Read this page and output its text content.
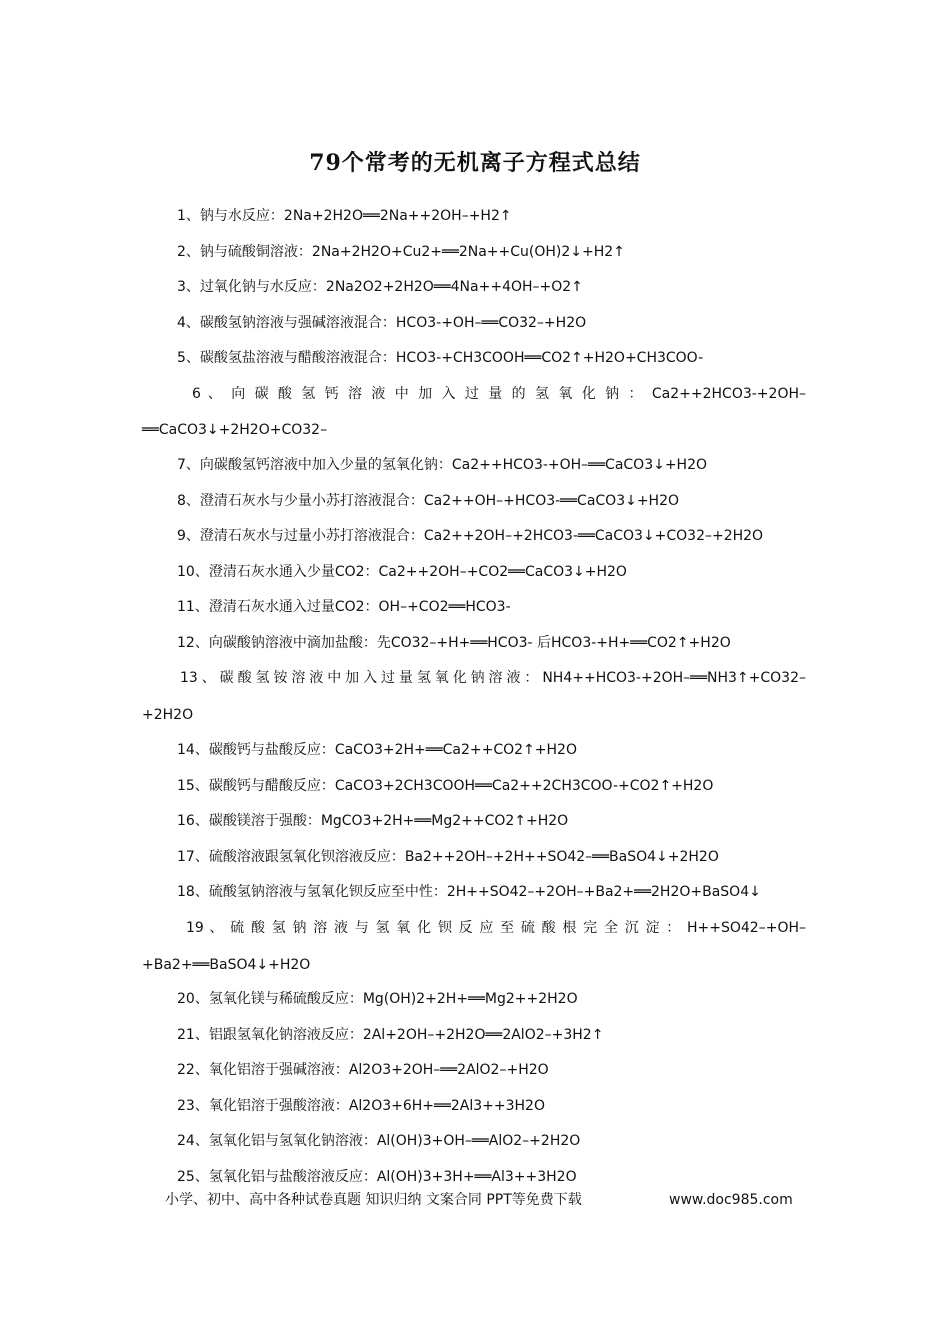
79个常考的无机离子方程式总结
1、钠与水反应：2Na+2H2O══2Na++2OH–+H2↑
2、钠与硫酸铜溶液：2Na+2H2O+Cu2+══2Na++Cu(OH)2↓+H2↑
3、过氧化钠与水反应：2Na2O2+2H2O══4Na++4OH–+O2↑
4、碳酸氢钠溶液与强碱溶液混合：HCO3-+OH–══CO32–+H2O
5、碳酸氢盐溶液与醋酸溶液混合：HCO3-+CH3COOH══CO2↑+H2O+CH3COO-
6 、 向 碳 酸 氢 钙 溶 液 中 加 入 过 量 的 氢 氧 化 钠 ： Ca2++2HCO3-+2OH–
══CaCO3↓+2H2O+CO32–
7、向碳酸氢钙溶液中加入少量的氢氧化钠：Ca2++HCO3-+OH–══CaCO3↓+H2O
8、澄清石灰水与少量小苏打溶液混合：Ca2++OH–+HCO3-══CaCO3↓+H2O
9、澄清石灰水与过量小苏打溶液混合：Ca2++2OH–+2HCO3-══CaCO3↓+CO32–+2H2O
10、澄清石灰水通入少量CO2：Ca2++2OH–+CO2══CaCO3↓+H2O
11、澄清石灰水通入过量CO2：OH–+CO2══HCO3-
12、向碳酸钠溶液中滴加盐酸：先CO32–+H+══HCO3- 后HCO3-+H+══CO2↑+H2O
13、碳酸氢铵溶液中加入过量氢氧化钠溶液：NH4++HCO3-+2OH–══NH3↑+CO32–
+2H2O
14、碳酸钙与盐酸反应：CaCO3+2H+══Ca2++CO2↑+H2O
15、碳酸钙与醋酸反应：CaCO3+2CH3COOH══Ca2++2CH3COO-+CO2↑+H2O
16、碳酸镁溶于强酸：MgCO3+2H+══Mg2++CO2↑+H2O
17、硫酸溶液跟氢氧化钡溶液反应：Ba2++2OH–+2H++SO42–══BaSO4↓+2H2O
18、硫酸氢钠溶液与氢氧化钡反应至中性：2H++SO42–+2OH–+Ba2+══2H2O+BaSO4↓
19 、 硫 酸 氢 钠 溶 液 与 氢 氧 化 钡 反 应 至 硫 酸 根 完 全 沉 淀 ： H++SO42–+OH–
+Ba2+══BaSO4↓+H2O
20、氢氧化镁与稀硫酸反应：Mg(OH)2+2H+══Mg2++2H2O
21、铝跟氢氧化钠溶液反应：2Al+2OH–+2H2O══2AlO2–+3H2↑
22、氧化铝溶于强碱溶液：Al2O3+2OH–══2AlO2–+H2O
23、氧化铝溶于强酸溶液：Al2O3+6H+══2Al3++3H2O
24、氢氧化铝与氢氧化钠溶液：Al(OH)3+OH–══AlO2–+2H2O
25、氢氧化铝与盐酸溶液反应：Al(OH)3+3H+══Al3++3H2O
小学、初中、高中各种试卷真题 知识归纳 文案合同 PPT等免费下载	www.doc985.com
